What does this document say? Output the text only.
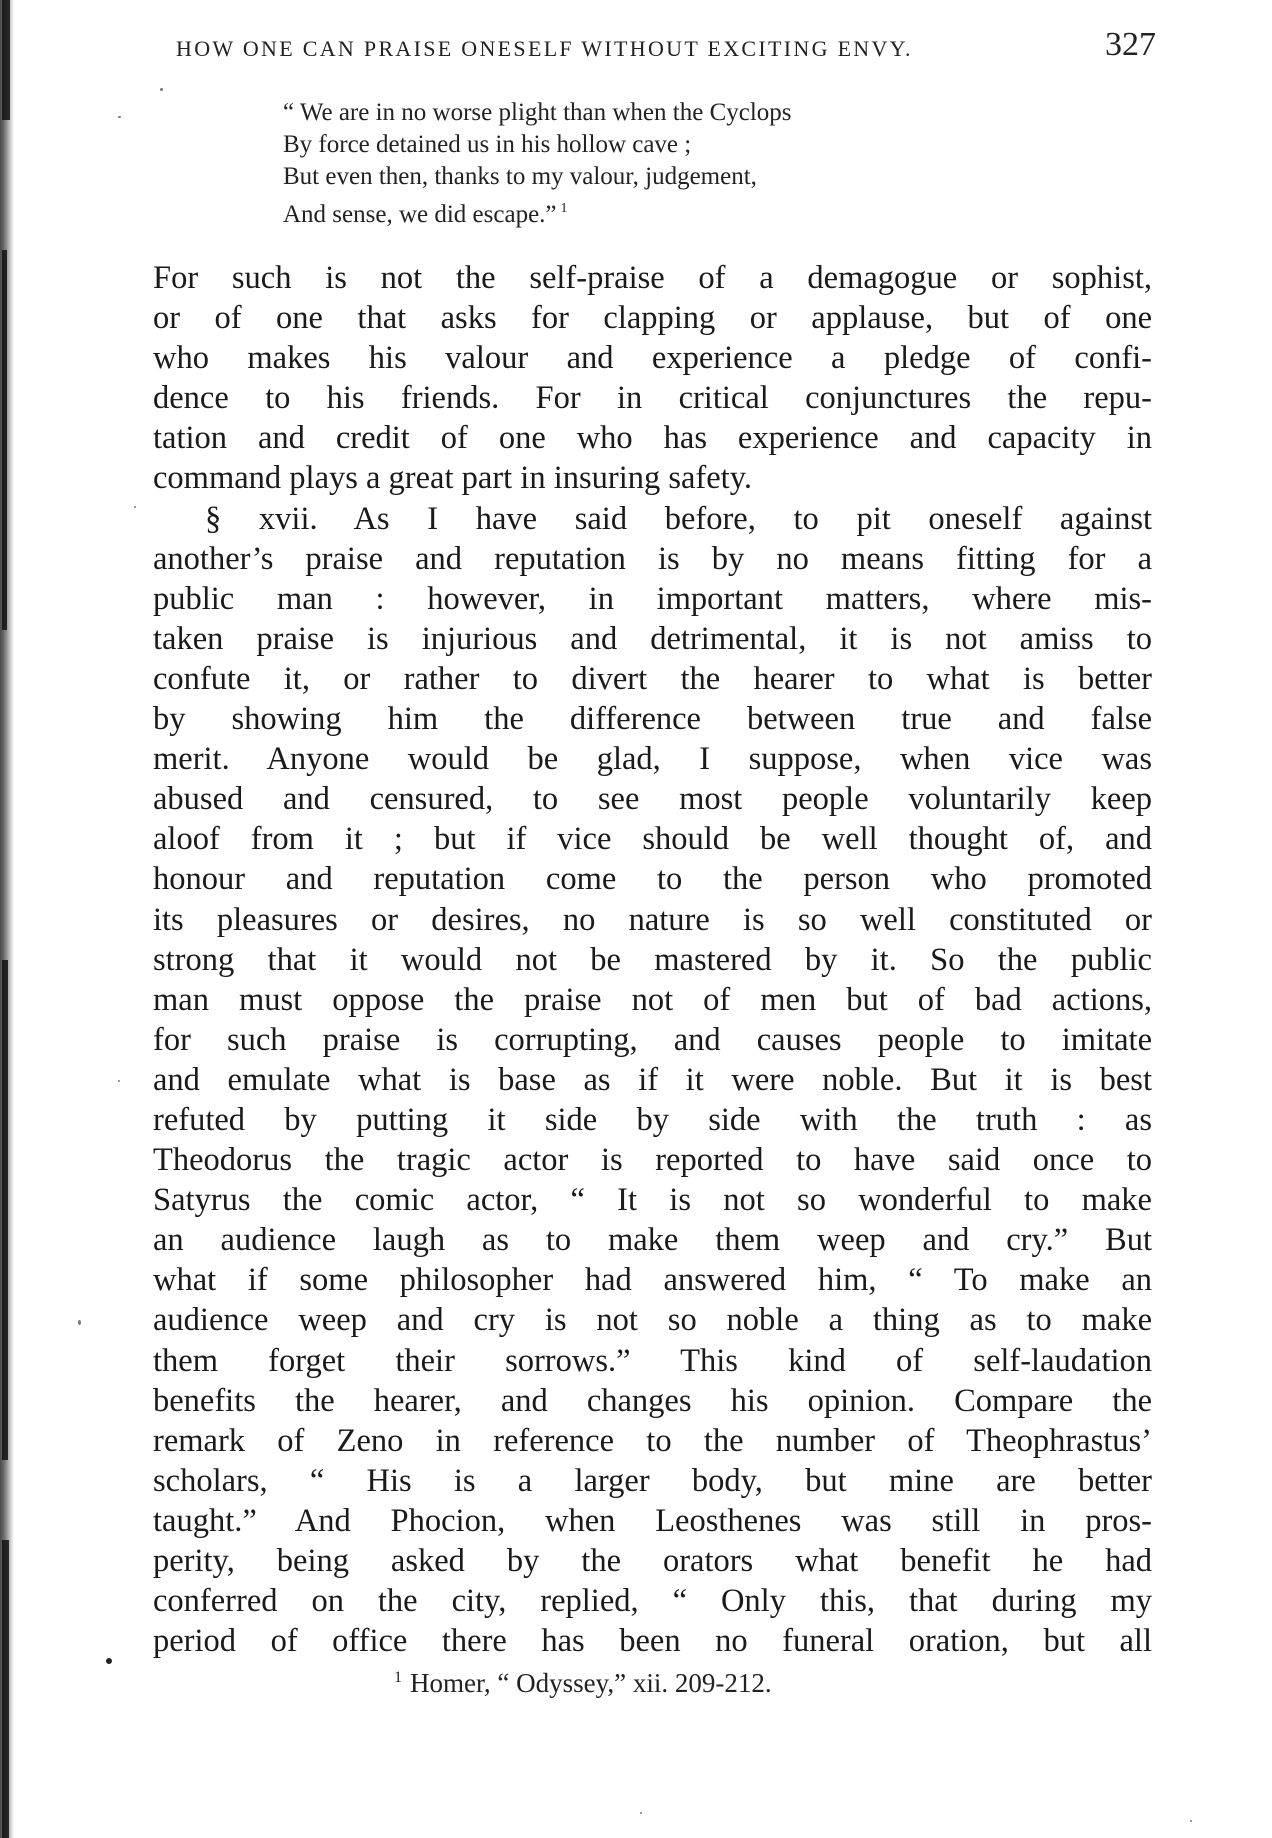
HOW ONE CAN PRAISE ONESELF WITHOUT EXCITING ENVY.	327
“ We are in no worse plight than when the Cyclops
By force detained us in his hollow cave ;
But even then, thanks to my valour, judgement,
And sense, we did escape.” $^1$
For such is not the self-praise of a demagogue or sophist,
or of one that asks for clapping or applause, but of one
who makes his valour and experience a pledge of confi-
dence to his friends. For in critical conjunctures the repu-
tation and credit of one who has experience and capacity in
command plays a great part in insuring safety.
§ xvii. As I have said before, to pit oneself against
another’s praise and reputation is by no means fitting for a
public man : however, in important matters, where mis-
taken praise is injurious and detrimental, it is not amiss to
confute it, or rather to divert the hearer to what is better
by showing him the difference between true and false
merit. Anyone would be glad, I suppose, when vice was
abused and censured, to see most people voluntarily keep
aloof from it ; but if vice should be well thought of, and
honour and reputation come to the person who promoted
its pleasures or desires, no nature is so well constituted or
strong that it would not be mastered by it. So the public
man must oppose the praise not of men but of bad actions,
for such praise is corrupting, and causes people to imitate
and emulate what is base as if it were noble. But it is best
refuted by putting it side by side with the truth : as
Theodorus the tragic actor is reported to have said once to
Satyrus the comic actor, “ It is not so wonderful to make
an audience laugh as to make them weep and cry.” But
what if some philosopher had answered him, “ To make an
audience weep and cry is not so noble a thing as to make
them forget their sorrows.” This kind of self-laudation
benefits the hearer, and changes his opinion. Compare the
remark of Zeno in reference to the number of Theophrastus’
scholars, “ His is a larger body, but mine are better
taught.” And Phocion, when Leosthenes was still in pros-
perity, being asked by the orators what benefit he had
conferred on the city, replied, “ Only this, that during my
period of office there has been no funeral oration, but all
$^1$ Homer, “ Odyssey,” xii. 209-212.
